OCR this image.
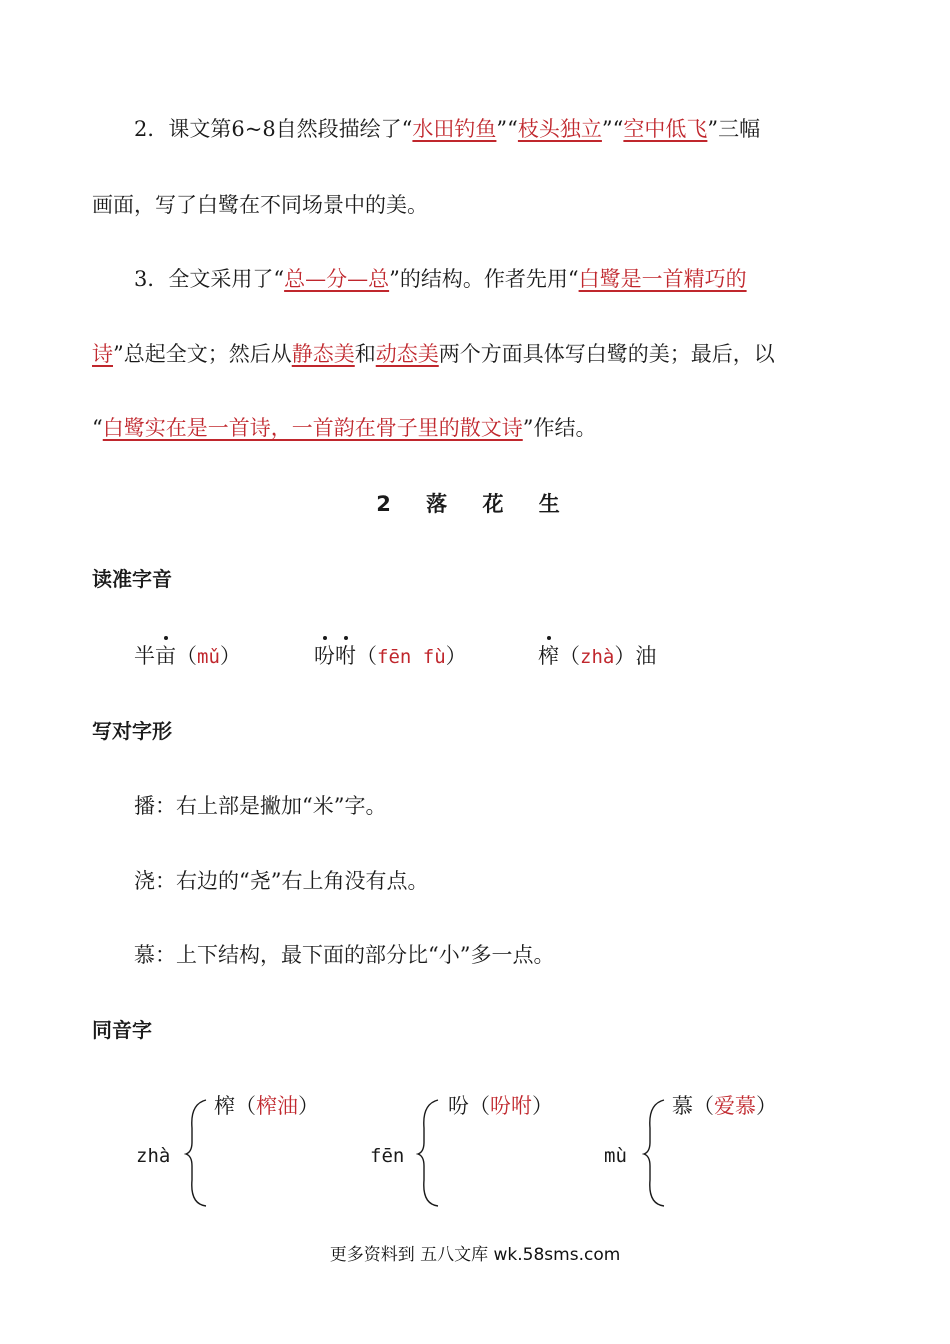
2．课文第6~8自然段描绘了“水田钓鱼”“枝头独立”“空中低飞”三幅
画面，写了白鹭在不同场景中的美。
3．全文采用了“总—分—总”的结构。作者先用“白鹭是一首精巧的
诗”总起全文；然后从静态美和动态美两个方面具体写白鹭的美；最后，以
“白鹭实在是一首诗，一首韵在骨子里的散文诗”作结。
2 落 花 生
读准字音
半亩（mǔ）	吩咐（fēn fù）	榨（zhà）油
写对字形
播：右上部是撇加“米”字。
浇：右边的“尧”右上角没有点。
慕：上下结构，最下面的部分比“小”多一点。
同音字
zhà
榨（榨油）
fēn
吩（吩咐）
mù
慕（爱慕）
更多资料到 五八文库 wk.58sms.com
